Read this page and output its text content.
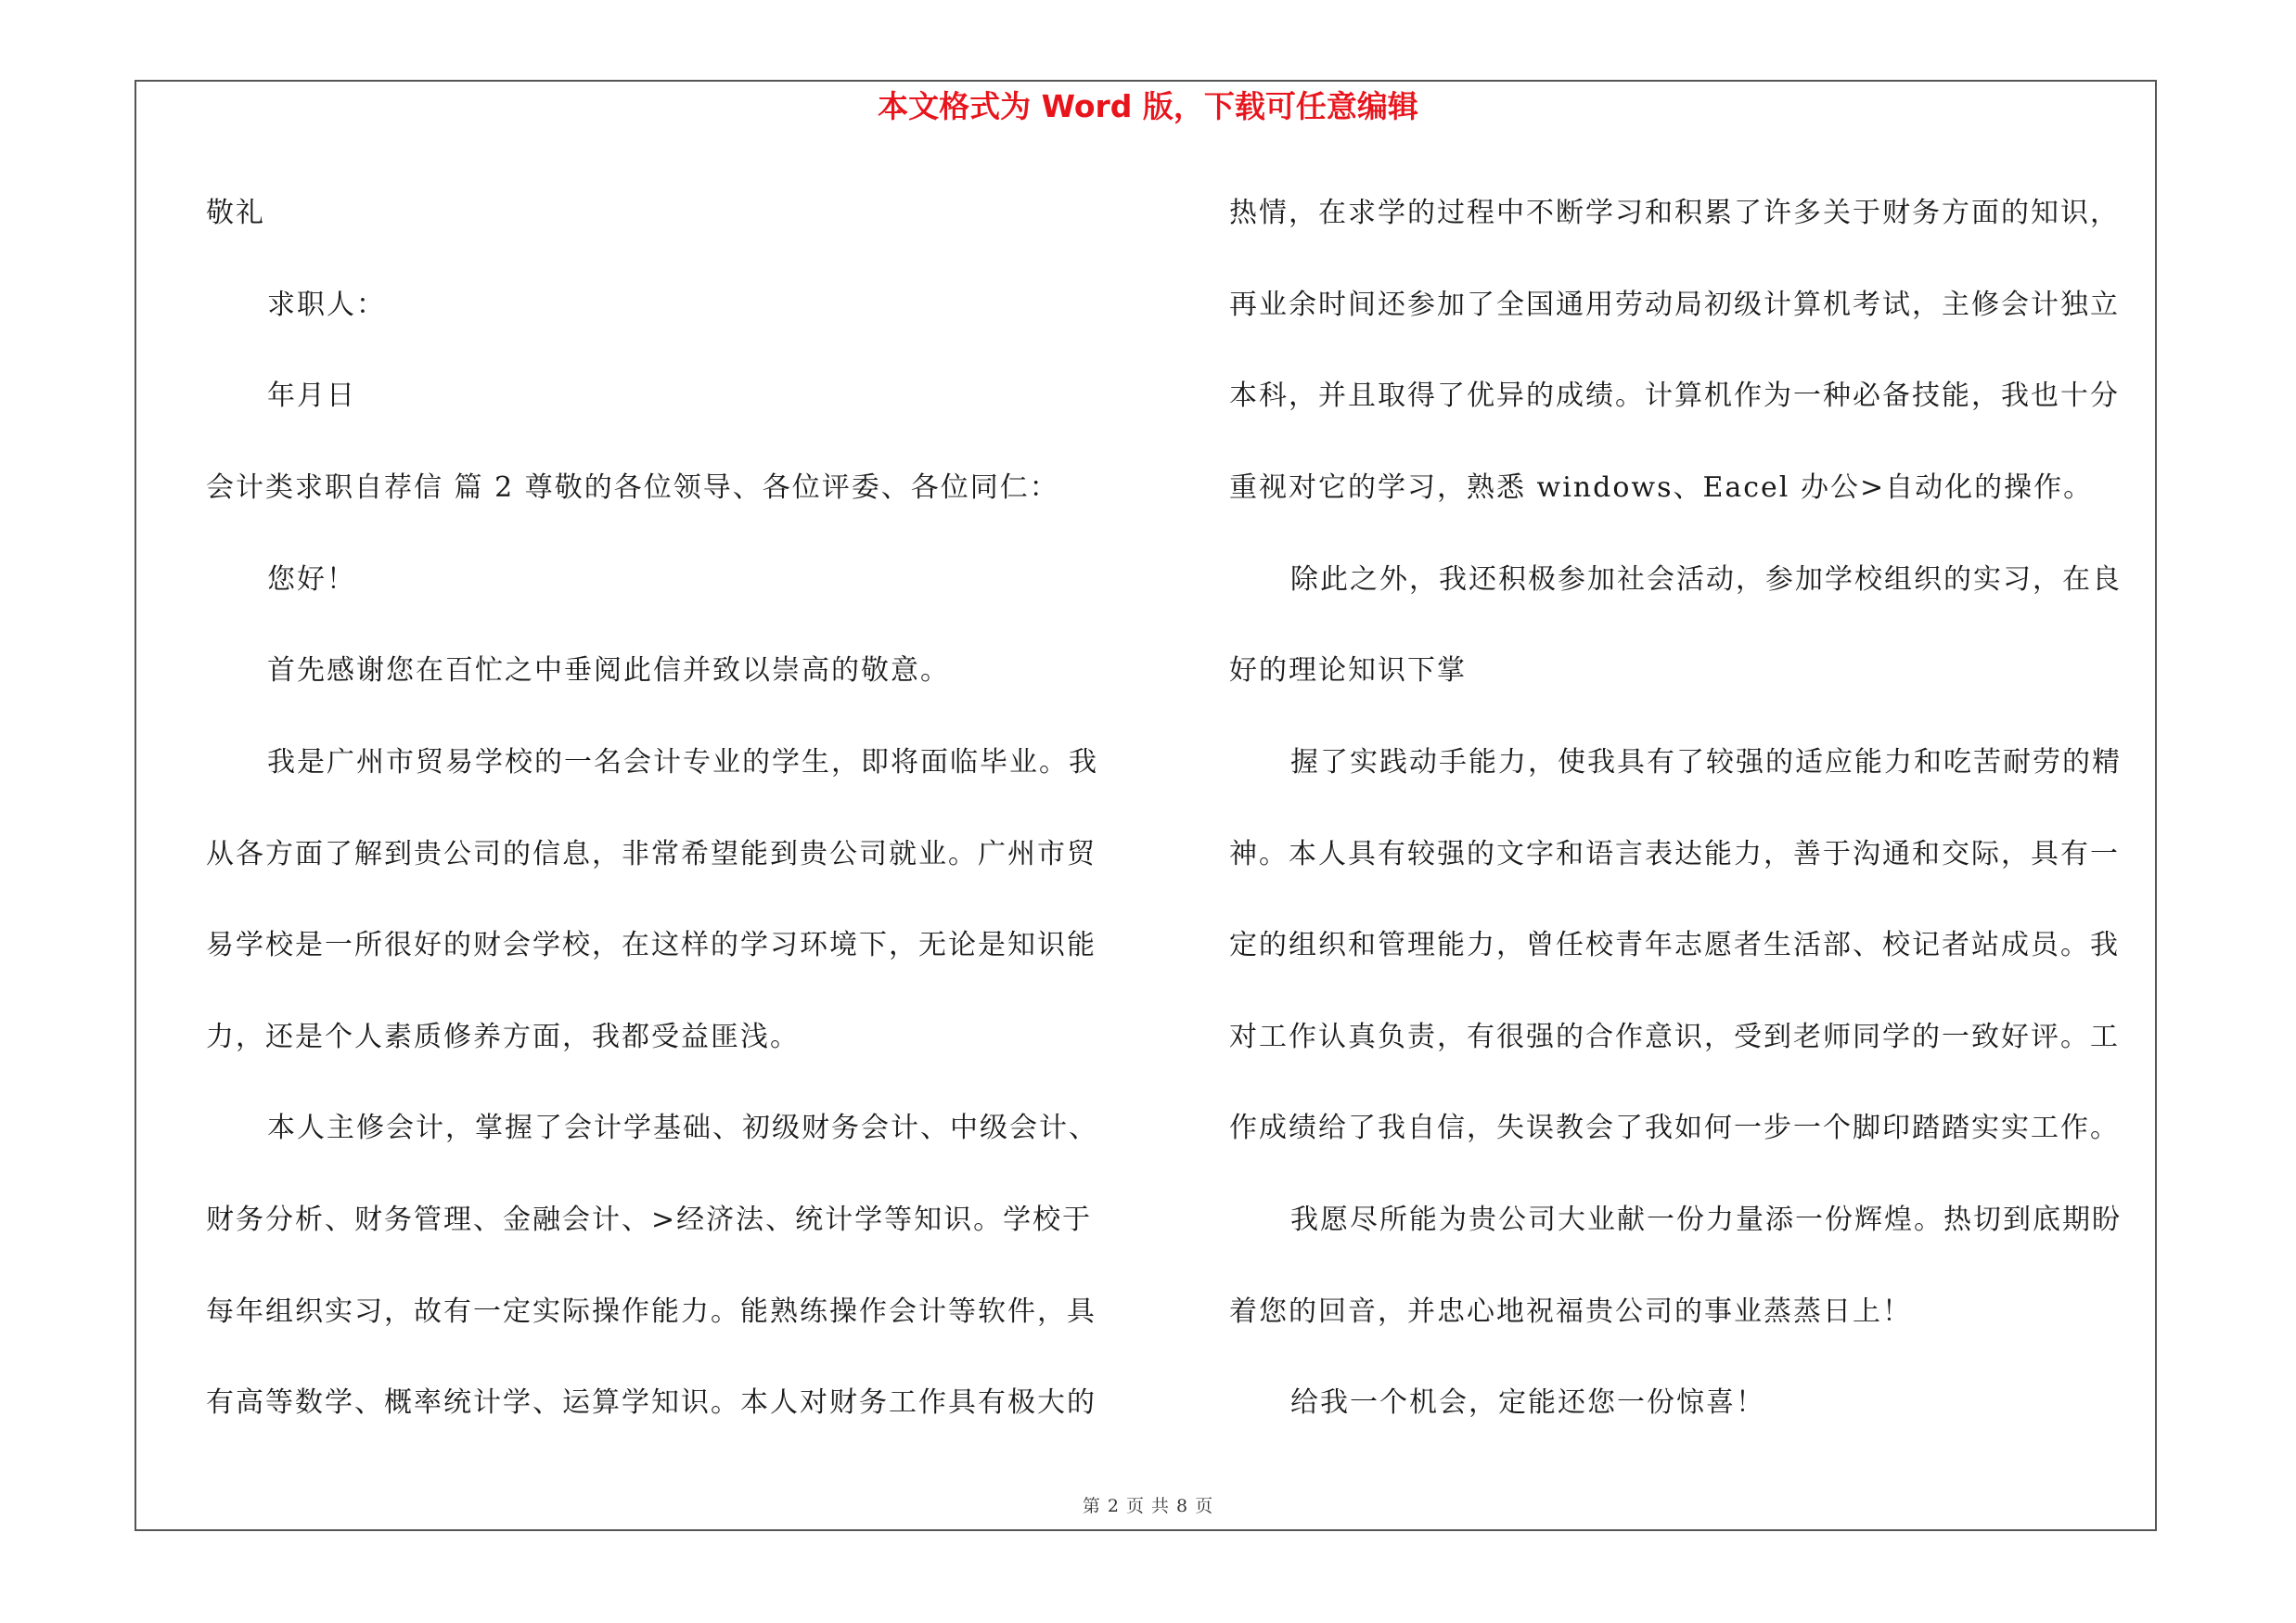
本文格式为 Word 版，下载可任意编辑
敬礼
求职人：
年月日
会计类求职自荐信 篇 2 尊敬的各位领导、各位评委、各位同仁：
您好！
首先感谢您在百忙之中垂阅此信并致以崇高的敬意。
我是广州市贸易学校的一名会计专业的学生，即将面临毕业。我
从各方面了解到贵公司的信息，非常希望能到贵公司就业。广州市贸
易学校是一所很好的财会学校，在这样的学习环境下，无论是知识能
力，还是个人素质修养方面，我都受益匪浅。
本人主修会计，掌握了会计学基础、初级财务会计、中级会计、
财务分析、财务管理、金融会计、>经济法、统计学等知识。学校于
每年组织实习，故有一定实际操作能力。能熟练操作会计等软件，具
有高等数学、概率统计学、运算学知识。本人对财务工作具有极大的
热情，在求学的过程中不断学习和积累了许多关于财务方面的知识，
再业余时间还参加了全国通用劳动局初级计算机考试，主修会计独立
本科，并且取得了优异的成绩。计算机作为一种必备技能，我也十分
重视对它的学习，熟悉 windows、Eacel 办公>自动化的操作。
除此之外，我还积极参加社会活动，参加学校组织的实习，在良
好的理论知识下掌
握了实践动手能力，使我具有了较强的适应能力和吃苦耐劳的精
神。本人具有较强的文字和语言表达能力，善于沟通和交际，具有一
定的组织和管理能力，曾任校青年志愿者生活部、校记者站成员。我
对工作认真负责，有很强的合作意识，受到老师同学的一致好评。工
作成绩给了我自信，失误教会了我如何一步一个脚印踏踏实实工作。
我愿尽所能为贵公司大业献一份力量添一份辉煌。热切到底期盼
着您的回音，并忠心地祝福贵公司的事业蒸蒸日上！
给我一个机会，定能还您一份惊喜！
第 2 页 共 8 页
